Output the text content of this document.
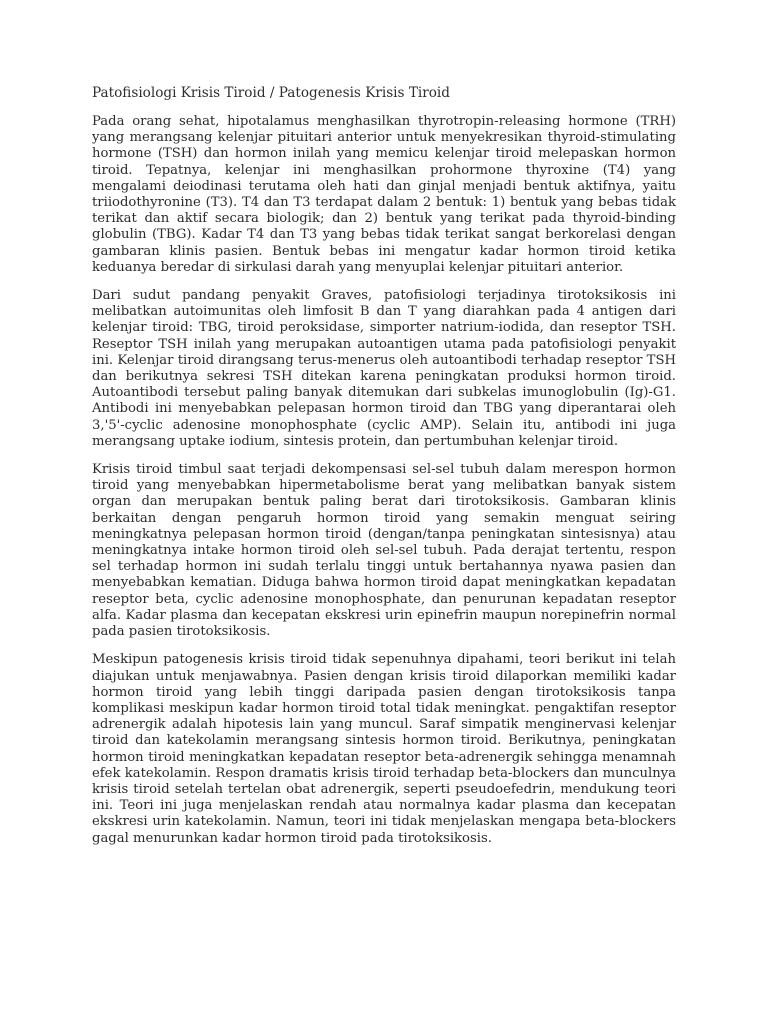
Patofisiologi Krisis Tiroid / Patogenesis Krisis Tiroid

Pada orang sehat, hipotalamus menghasilkan thyrotropin-releasing hormone (TRH) yang merangsang kelenjar pituitari anterior untuk menyekresikan thyroid-stimulating hormone (TSH) dan hormon inilah yang memicu kelenjar tiroid melepaskan hormon tiroid. Tepatnya, kelenjar ini menghasilkan prohormone thyroxine (T4) yang mengalami deiodinasi terutama oleh hati dan ginjal menjadi bentuk aktifnya, yaitu triiodothyronine (T3). T4 dan T3 terdapat dalam 2 bentuk: 1) bentuk yang bebas tidak terikat dan aktif secara biologik; dan 2) bentuk yang terikat pada thyroid-binding globulin (TBG). Kadar T4 dan T3 yang bebas tidak terikat sangat berkorelasi dengan gambaran klinis pasien. Bentuk bebas ini mengatur kadar hormon tiroid ketika keduanya beredar di sirkulasi darah yang menyuplai kelenjar pituitari anterior.

Dari sudut pandang penyakit Graves, patofisiologi terjadinya tirotoksikosis ini melibatkan autoimunitas oleh limfosit B dan T yang diarahkan pada 4 antigen dari kelenjar tiroid: TBG, tiroid peroksidase, simporter natrium-iodida, dan reseptor TSH. Reseptor TSH inilah yang merupakan autoantigen utama pada patofisiologi penyakit ini. Kelenjar tiroid dirangsang terus-menerus oleh autoantibodi terhadap reseptor TSH dan berikutnya sekresi TSH ditekan karena peningkatan produksi hormon tiroid. Autoantibodi tersebut paling banyak ditemukan dari subkelas imunoglobulin (Ig)-G1. Antibodi ini menyebabkan pelepasan hormon tiroid dan TBG yang diperantarai oleh 3,'5'-cyclic adenosine monophosphate (cyclic AMP). Selain itu, antibodi ini juga merangsang uptake iodium, sintesis protein, dan pertumbuhan kelenjar tiroid.

Krisis tiroid timbul saat terjadi dekompensasi sel-sel tubuh dalam merespon hormon tiroid yang menyebabkan hipermetabolisme berat yang melibatkan banyak sistem organ dan merupakan bentuk paling berat dari tirotoksikosis. Gambaran klinis berkaitan dengan pengaruh hormon tiroid yang semakin menguat seiring meningkatnya pelepasan hormon tiroid (dengan/tanpa peningkatan sintesisnya) atau meningkatnya intake hormon tiroid oleh sel-sel tubuh. Pada derajat tertentu, respon sel terhadap hormon ini sudah terlalu tinggi untuk bertahannya nyawa pasien dan menyebabkan kematian. Diduga bahwa hormon tiroid dapat meningkatkan kepadatan reseptor beta, cyclic adenosine monophosphate, dan penurunan kepadatan reseptor alfa. Kadar plasma dan kecepatan ekskresi urin epinefrin maupun norepinefrin normal pada pasien tirotoksikosis.

Meskipun patogenesis krisis tiroid tidak sepenuhnya dipahami, teori berikut ini telah diajukan untuk menjawabnya. Pasien dengan krisis tiroid dilaporkan memiliki kadar hormon tiroid yang lebih tinggi daripada pasien dengan tirotoksikosis tanpa komplikasi meskipun kadar hormon tiroid total tidak meningkat. pengaktifan reseptor adrenergik adalah hipotesis lain yang muncul. Saraf simpatik menginervasi kelenjar tiroid dan katekolamin merangsang sintesis hormon tiroid. Berikutnya, peningkatan hormon tiroid meningkatkan kepadatan reseptor beta-adrenergik sehingga menamnah efek katekolamin. Respon dramatis krisis tiroid terhadap beta-blockers dan munculnya krisis tiroid setelah tertelan obat adrenergik, seperti pseudoefedrin, mendukung teori ini. Teori ini juga menjelaskan rendah atau normalnya kadar plasma dan kecepatan ekskresi urin katekolamin. Namun, teori ini tidak menjelaskan mengapa beta-blockers gagal menurunkan kadar hormon tiroid pada tirotoksikosis.
